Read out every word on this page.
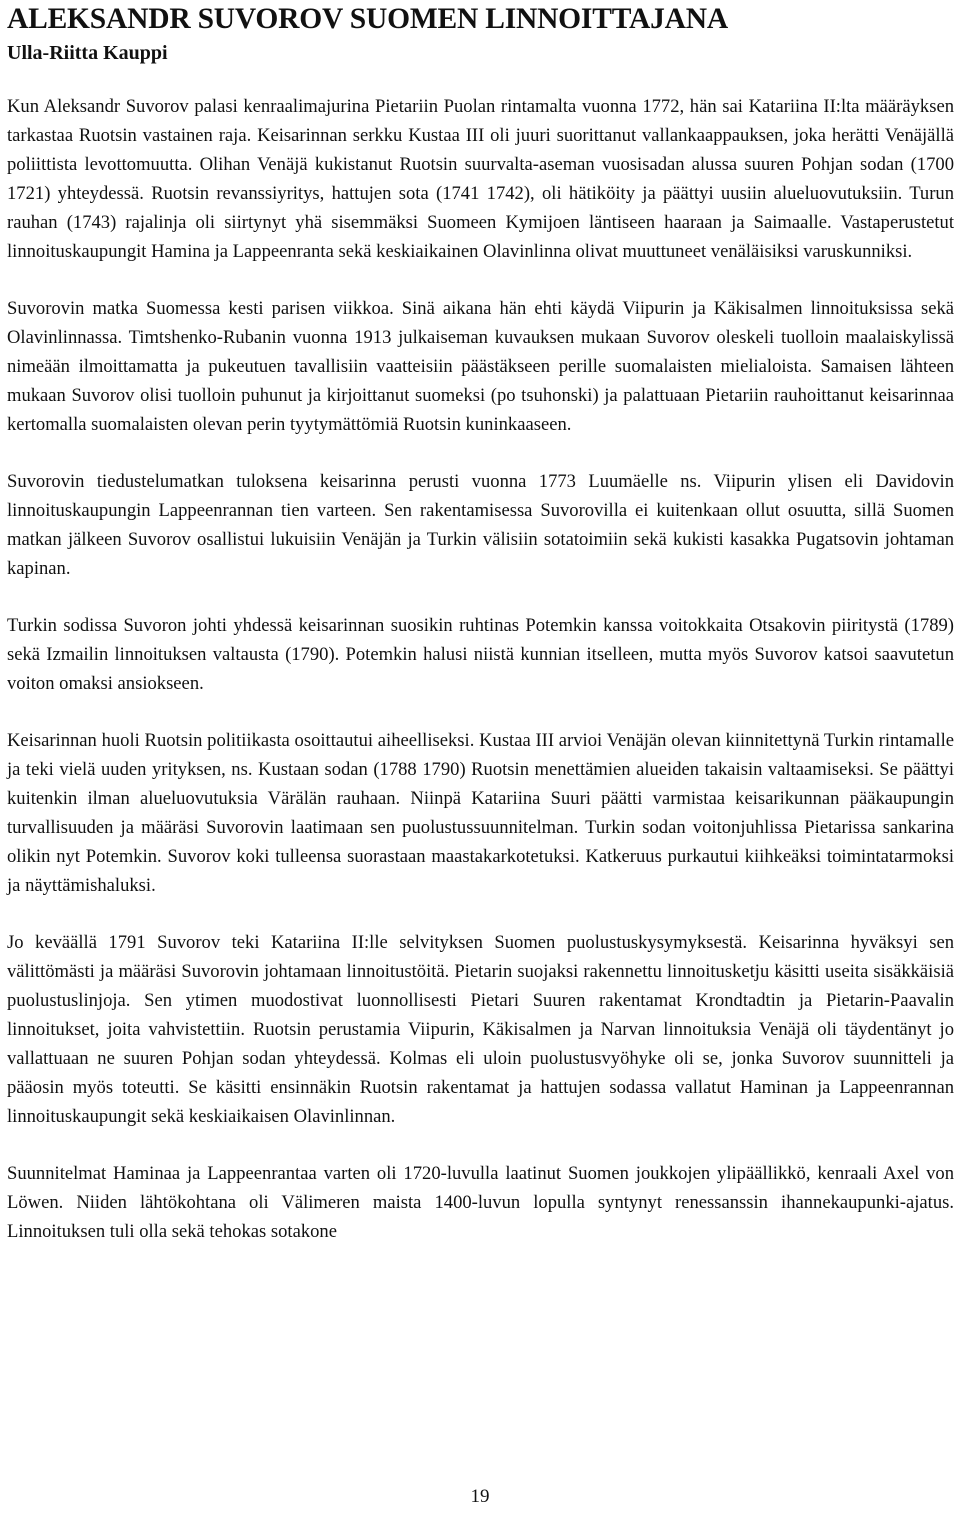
ALEKSANDR SUVOROV SUOMEN LINNOITTAJANA
Ulla-Riitta Kauppi

Kun Aleksandr Suvorov palasi kenraalimajurina Pietariin Puolan rintamalta vuonna 1772, hän sai Katariina II:lta määräyksen tarkastaa Ruotsin vastainen raja. Keisarinnan serkku Kustaa III oli juuri suorittanut vallankaappauksen, joka herätti Venäjällä poliittista levottomuutta. Olihan Venäjä kukistanut Ruotsin suurvalta-aseman vuosisadan alussa suuren Pohjan sodan (1700 1721) yhteydessä. Ruotsin revanssiyritys, hattujen sota (1741 1742), oli hätiköity ja päättyi uusiin alueluovutuksiin. Turun rauhan (1743) rajalinja oli siirtynyt yhä sisemmäksi Suomeen Kymijoen läntiseen haaraan ja Saimaalle. Vastaperustetut linnoituskaupungit Hamina ja Lappeenranta sekä keskiaikainen Olavinlinna olivat muuttuneet venäläisiksi varuskunniksi.

Suvorovin matka Suomessa kesti parisen viikkoa. Sinä aikana hän ehti käydä Viipurin ja Käkisalmen linnoituksissa sekä Olavinlinnassa. Timtshenko-Rubanin vuonna 1913 julkaiseman kuvauksen mukaan Suvorov oleskeli tuolloin maalaiskylissä nimeään ilmoittamatta ja pukeutuen tavallisiin vaatteisiin päästäkseen perille suomalaisten mielialoista. Samaisen lähteen mukaan Suvorov olisi tuolloin puhunut ja kirjoittanut suomeksi (po tsuhonski) ja palattuaan Pietariin rauhoittanut keisarinnaa kertomalla suomalaisten olevan perin tyytymättömiä Ruotsin kuninkaaseen.

Suvorovin tiedustelumatkan tuloksena keisarinna perusti vuonna 1773 Luumäelle ns. Viipurin ylisen eli Davidovin linnoituskaupungin Lappeenrannan tien varteen. Sen rakentamisessa Suvorovilla ei kuitenkaan ollut osuutta, sillä Suomen matkan jälkeen Suvorov osallistui lukuisiin Venäjän ja Turkin välisiin sotatoimiin sekä kukisti kasakka Pugatsovin johtaman kapinan.

Turkin sodissa Suvoron johti yhdessä keisarinnan suosikin ruhtinas Potemkin kanssa voitokkaita Otsakovin piiritystä (1789) sekä Izmailin linnoituksen valtausta (1790). Potemkin halusi niistä kunnian itselleen, mutta myös Suvorov katsoi saavutetun voiton omaksi ansiokseen.

Keisarinnan huoli Ruotsin politiikasta osoittautui aiheelliseksi. Kustaa III arvioi Venäjän olevan kiinnitettynä Turkin rintamalle ja teki vielä uuden yrityksen, ns. Kustaan sodan (1788 1790) Ruotsin menettämien alueiden takaisin valtaamiseksi. Se päättyi kuitenkin ilman alueluovutuksia Värälän rauhaan. Niinpä Katariina Suuri päätti varmistaa keisarikunnan pääkaupungin turvallisuuden ja määräsi Suvorovin laatimaan sen puolustussuunnitelman. Turkin sodan voitonjuhlissa Pietarissa sankarina olikin nyt Potemkin. Suvorov koki tulleensa suorastaan maastakarkotetuksi. Katkeruus purkautui kiihkeäksi toimintatarmoksi ja näyttämishaluksi.

Jo keväällä 1791 Suvorov teki Katariina II:lle selvityksen Suomen puolustuskysymyksestä. Keisarinna hyväksyi sen välittömästi ja määräsi Suvorovin johtamaan linnoitustöitä. Pietarin suojaksi rakennettu linnoitusketju käsitti useita sisäkkäisiä puolustuslinjoja. Sen ytimen muodostivat luonnollisesti Pietari Suuren rakentamat Krondtadtin ja Pietarin-Paavalin linnoitukset, joita vahvistettiin. Ruotsin perustamia Viipurin, Käkisalmen ja Narvan linnoituksia Venäjä oli täydentänyt jo vallattuaan ne suuren Pohjan sodan yhteydessä. Kolmas eli uloin puolustusvyöhyke oli se, jonka Suvorov suunnitteli ja pääosin myös toteutti. Se käsitti ensinnäkin Ruotsin rakentamat ja hattujen sodassa vallatut Haminan ja Lappeenrannan linnoituskaupungit sekä keskiaikaisen Olavinlinnan.

Suunnitelmat Haminaa ja Lappeenrantaa varten oli 1720-luvulla laatinut Suomen joukkojen ylipäällikkö, kenraali Axel von Löwen. Niiden lähtökohtana oli Välimeren maista 1400-luvun lopulla syntynyt renessanssin ihannekaupunki-ajatus. Linnoituksen tuli olla sekä tehokas sotakone

19
